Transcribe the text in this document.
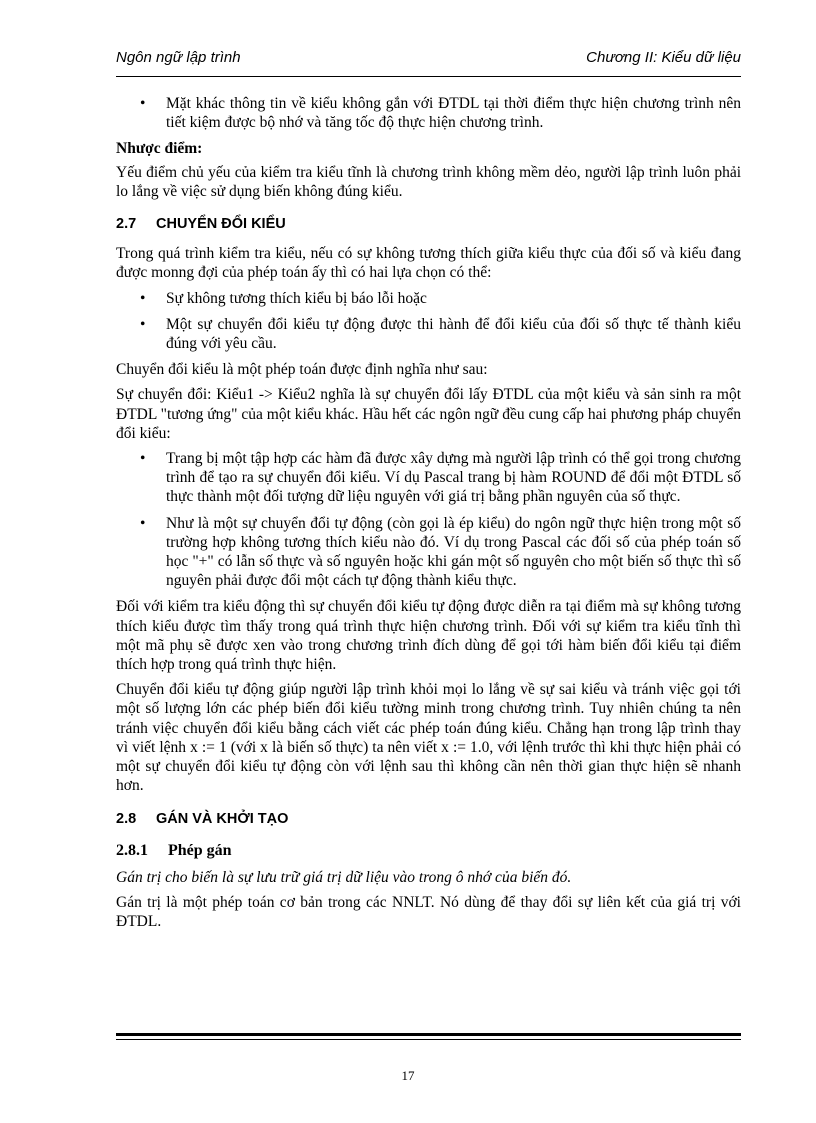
Ngôn ngữ lập trình	Chương II: Kiểu dữ liệu
• Mặt khác thông tin về kiểu không gắn với ĐTDL tại thời điểm thực hiện chương trình nên tiết kiệm được bộ nhớ và tăng tốc độ thực hiện chương trình.

Nhược điểm:

Yếu điểm chủ yếu của kiểm tra kiểu tĩnh là chương trình không mềm dẻo, người lập trình luôn phải lo lắng về việc sử dụng biến không đúng kiểu.

2.7 CHUYỂN ĐỔI KIỂU

Trong quá trình kiểm tra kiểu, nếu có sự không tương thích giữa kiểu thực của đối số và kiểu đang được monng đợi của phép toán ấy thì có hai lựa chọn có thể:

• Sự không tương thích kiểu bị báo lỗi hoặc
• Một sự chuyển đổi kiểu tự động được thi hành để đổi kiểu của đối số thực tế thành kiểu đúng với yêu cầu.

Chuyển đổi kiểu là một phép toán được định nghĩa như sau:

Sự chuyển đổi: Kiểu1 -> Kiểu2 nghĩa là sự chuyển đổi lấy ĐTDL của một kiểu và sản sinh ra một ĐTDL "tương ứng" của một kiểu khác. Hầu hết các ngôn ngữ đều cung cấp hai phương pháp chuyển đổi kiểu:

• Trang bị một tập hợp các hàm đã được xây dựng mà người lập trình có thể gọi trong chương trình để tạo ra sự chuyển đổi kiểu. Ví dụ Pascal trang bị hàm ROUND để đổi một ĐTDL số thực thành một đối tượng dữ liệu nguyên với giá trị bằng phần nguyên của số thực.
• Như là một sự chuyển đổi tự động (còn gọi là ép kiểu) do ngôn ngữ thực hiện trong một số trường hợp không tương thích kiểu nào đó. Ví dụ trong Pascal các đối số của phép toán số học "+" có lẫn số thực và số nguyên hoặc khi gán một số nguyên cho một biến số thực thì số nguyên phải được đổi một cách tự động thành kiểu thực.

Đối với kiểm tra kiểu động thì sự chuyển đổi kiểu tự động được diễn ra tại điểm mà sự không tương thích kiểu được tìm thấy trong quá trình thực hiện chương trình. Đối với sự kiểm tra kiểu tĩnh thì một mã phụ sẽ được xen vào trong chương trình đích dùng để gọi tới hàm biến đổi kiểu tại điểm thích hợp trong quá trình thực hiện.

Chuyển đổi kiểu tự động giúp người lập trình khỏi mọi lo lắng về sự sai kiểu và tránh việc gọi tới một số lượng lớn các phép biến đổi kiểu tường minh trong chương trình. Tuy nhiên chúng ta nên tránh việc chuyển đổi kiểu bằng cách viết các phép toán đúng kiểu. Chẳng hạn trong lập trình thay vì viết lệnh x := 1 (với x là biến số thực) ta nên viết x := 1.0, với lệnh trước thì khi thực hiện phải có một sự chuyển đổi kiểu tự động còn với lệnh sau thì không cần nên thời gian thực hiện sẽ nhanh hơn.

2.8 GÁN VÀ KHỞI TẠO
2.8.1 Phép gán

Gán trị cho biến là sự lưu trữ giá trị dữ liệu vào trong ô nhớ của biến đó.

Gán trị là một phép toán cơ bản trong các NNLT. Nó dùng để thay đổi sự liên kết của giá trị với ĐTDL.

17
